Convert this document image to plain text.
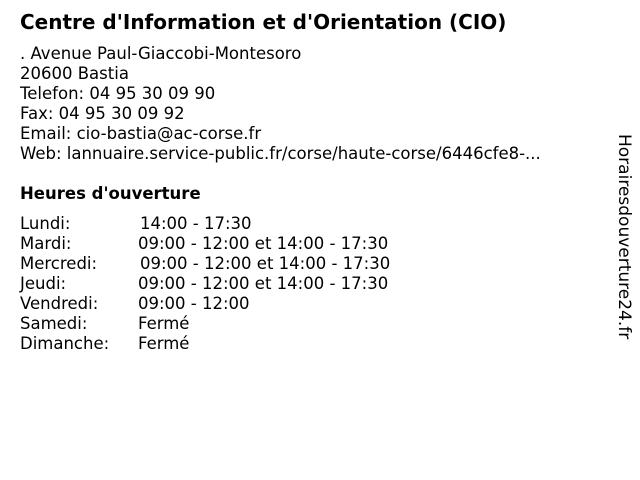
Centre d'Information et d'Orientation (CIO)
. Avenue Paul-Giaccobi-Montesoro
20600 Bastia
Telefon: 04 95 30 09 90
Fax: 04 95 30 09 92
Email: cio-bastia@ac-corse.fr
Web: lannuaire.service-public.fr/corse/haute-corse/6446cfe8-...
Heures d'ouverture
Lundi:	14:00 - 17:30
Mardi:	09:00 - 12:00 et 14:00 - 17:30
Mercredi:	09:00 - 12:00 et 14:00 - 17:30
Jeudi:	09:00 - 12:00 et 14:00 - 17:30
Vendredi: 09:00 - 12:00
Samedi:	Fermé
Dimanche: Fermé
Horairesdouverture24.fr
